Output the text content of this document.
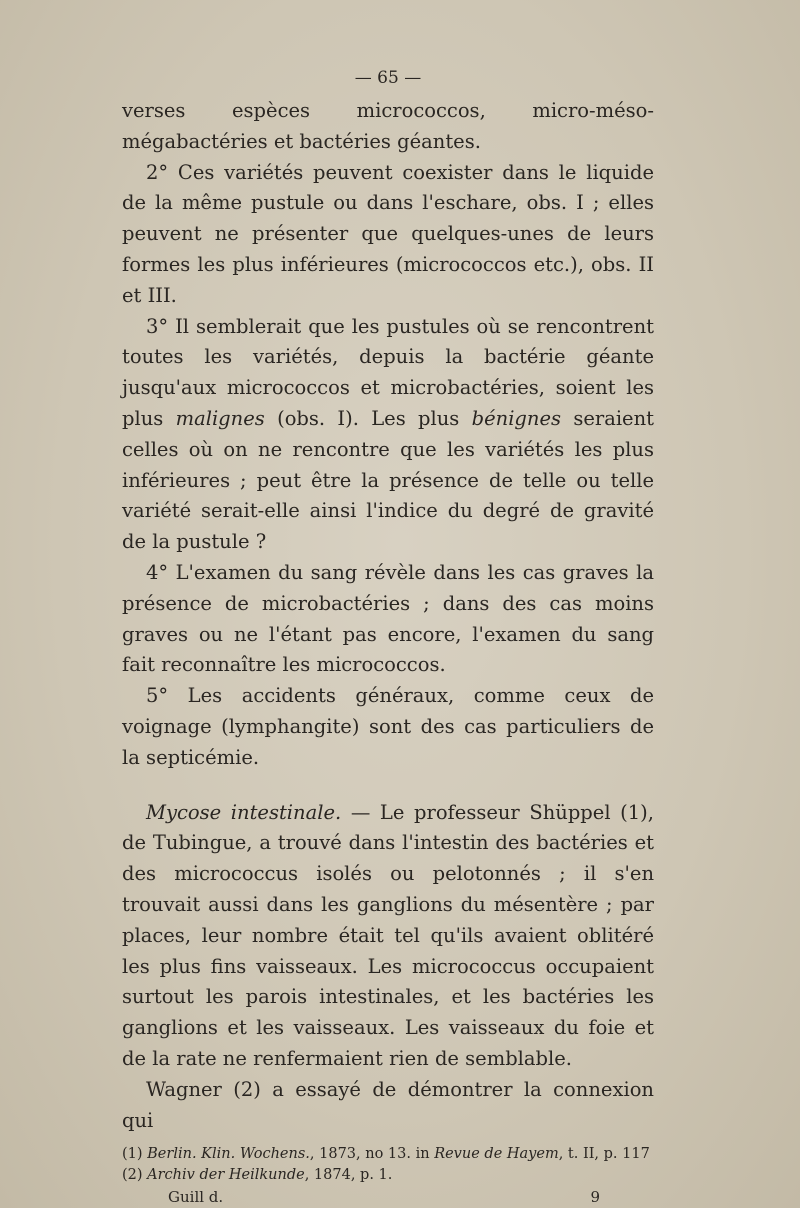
— 65 —

verses espèces micrococcos, micro-méso-mégabactéries et bactéries géantes.

2° Ces variétés peuvent coexister dans le liquide de la même pustule ou dans l'eschare, obs. I ; elles peuvent ne présenter que quelques-unes de leurs formes les plus inférieures (micrococcos etc.), obs. II et III.

3° Il semblerait que les pustules où se rencontrent toutes les variétés, depuis la bactérie géante jusqu'aux micrococcos et microbactéries, soient les plus malignes (obs. I). Les plus bénignes seraient celles où on ne rencontre que les variétés les plus inférieures ; peut être la présence de telle ou telle variété serait-elle ainsi l'indice du degré de gravité de la pustule ?

4° L'examen du sang révèle dans les cas graves la présence de microbactéries ; dans des cas moins graves ou ne l'étant pas encore, l'examen du sang fait reconnaître les micrococcos.

5° Les accidents généraux, comme ceux de voignage (lymphangite) sont des cas particuliers de la septicémie.

Mycose intestinale. — Le professeur Shüppel (1), de Tubingue, a trouvé dans l'intestin des bactéries et des micrococcus isolés ou pelotonnés ; il s'en trouvait aussi dans les ganglions du mésentère ; par places, leur nombre était tel qu'ils avaient oblitéré les plus fins vaisseaux. Les micrococcus occupaient surtout les parois intestinales, et les bactéries les ganglions et les vaisseaux. Les vaisseaux du foie et de la rate ne renfermaient rien de semblable.

Wagner (2) a essayé de démontrer la connexion qui

(1) Berlin. Klin. Wochens., 1873, no 13. in Revue de Hayem, t. II, p. 117
(2) Archiv der Heilkunde, 1874, p. 1.
Guill d.	9
